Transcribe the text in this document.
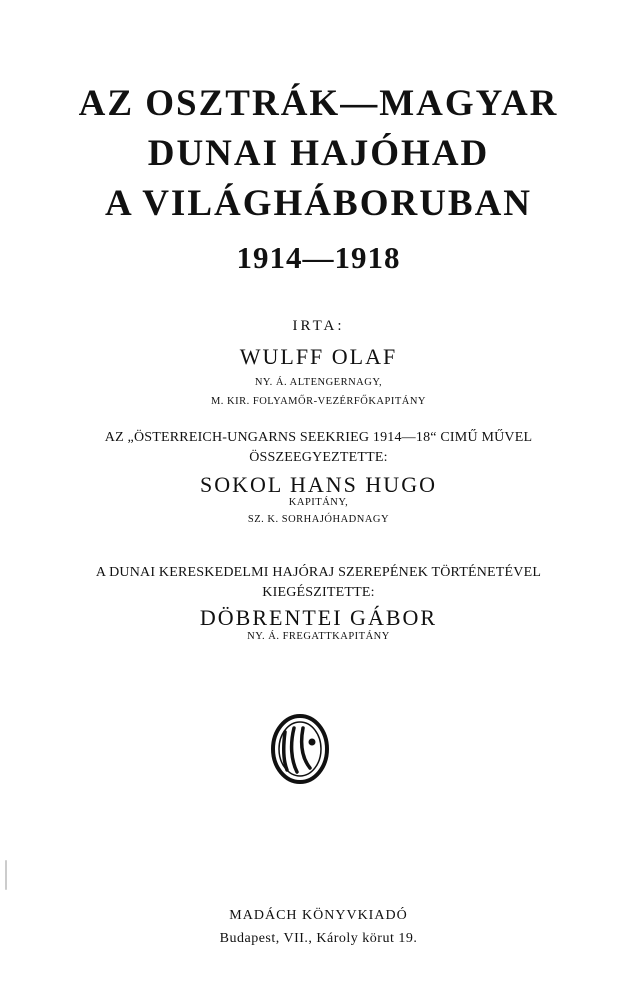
AZ OSZTRÁK—MAGYAR
DUNAI HAJÓHAD
A VILÁGHÁBORUBAN
1914—1918
IRTA:
WULFF OLAF
NY. Á. ALTENGERNAGY,
M. KIR. FOLYAMŐR-VEZÉRFŐKAPITÁNY
AZ „ÖSTERREICH-UNGARNS SEEKRIEG 1914—18“ CIMŰ MŰVEL
ÖSSZEEGYEZTETTE:
SOKOL HANS HUGO
KAPITÁNY,
SZ. K. SORHAJÓHADNAGY
A DUNAI KERESKEDELMI HAJÓRAJ SZEREPÉNEK TÖRTÉNETÉVEL
KIEGÉSZITETTE:
DÖBRENTEI GÁBOR
NY. Á. FREGATTKAPITÁNY
MADÁCH KÖNYVKIADÓ
Budapest, VII., Károly körut 19.
